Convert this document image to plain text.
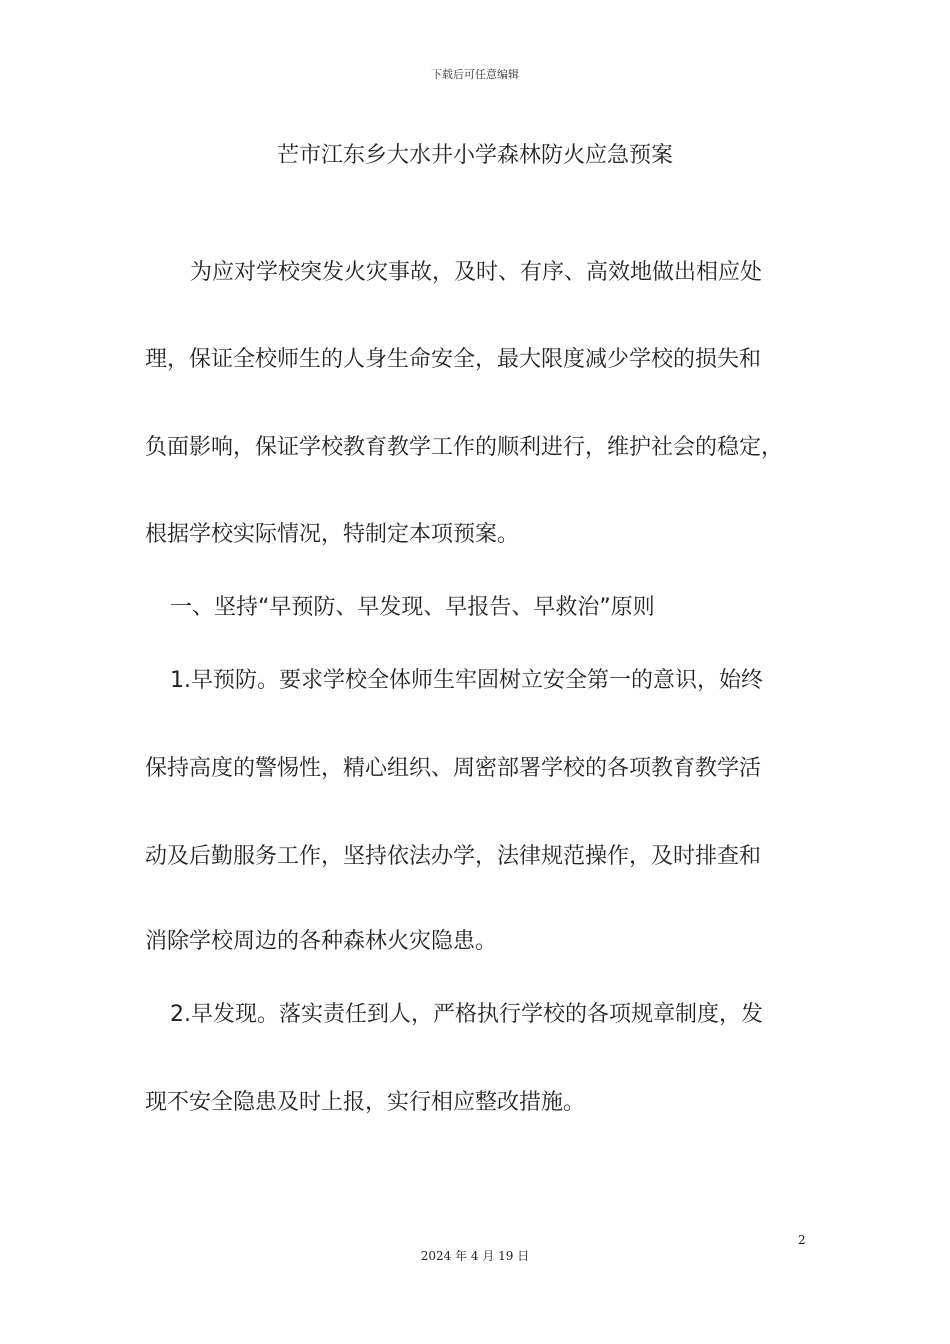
下载后可任意编辑
芒市江东乡大水井小学森林防火应急预案
为应对学校突发火灾事故，及时、有序、高效地做出相应处
理，保证全校师生的人身生命安全，最大限度减少学校的损失和
负面影响，保证学校教育教学工作的顺利进行，维护社会的稳定，
根据学校实际情况，特制定本项预案。
一、坚持“早预防、早发现、早报告、早救治”原则
1.早预防。要求学校全体师生牢固树立安全第一的意识，始终
保持高度的警惕性，精心组织、周密部署学校的各项教育教学活
动及后勤服务工作，坚持依法办学，法律规范操作，及时排查和
消除学校周边的各种森林火灾隐患。
2.早发现。落实责任到人，严格执行学校的各项规章制度，发
现不安全隐患及时上报，实行相应整改措施。
2
2024 年 4 月 19 日
